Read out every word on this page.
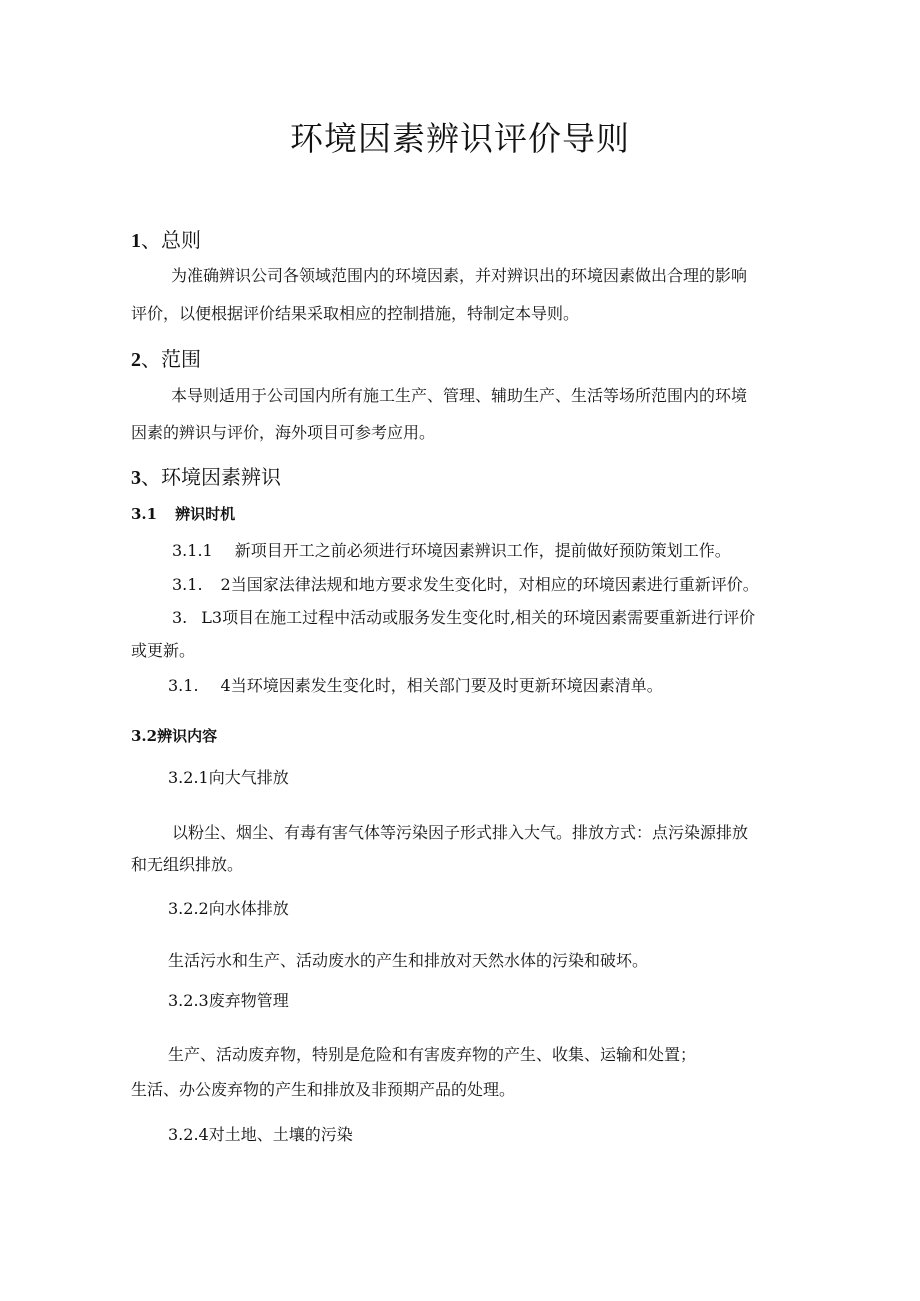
环境因素辨识评价导则
1、总则
为准确辨识公司各领域范围内的环境因素，并对辨识出的环境因素做出合理的影响
评价，以便根据评价结果采取相应的控制措施，特制定本导则。
2、范围
本导则适用于公司国内所有施工生产、管理、辅助生产、生活等场所范围内的环境
因素的辨识与评价，海外项目可参考应用。
3、环境因素辨识
3.1 辨识时机
3.1.1 新项目开工之前必须进行环境因素辨识工作，提前做好预防策划工作。
3.1. 2当国家法律法规和地方要求发生变化时，对相应的环境因素进行重新评价。
3. L3项目在施工过程中活动或服务发生变化时,相关的环境因素需要重新进行评价
或更新。
3.1. 4当环境因素发生变化时，相关部门要及时更新环境因素清单。
3.2辨识内容
3.2.1向大气排放
以粉尘、烟尘、有毒有害气体等污染因子形式排入大气。排放方式：点污染源排放
和无组织排放。
3.2.2向水体排放
生活污水和生产、活动废水的产生和排放对天然水体的污染和破坏。
3.2.3废弃物管理
生产、活动废弃物，特别是危险和有害废弃物的产生、收集、运输和处置；
生活、办公废弃物的产生和排放及非预期产品的处理。
3.2.4对土地、土壤的污染
